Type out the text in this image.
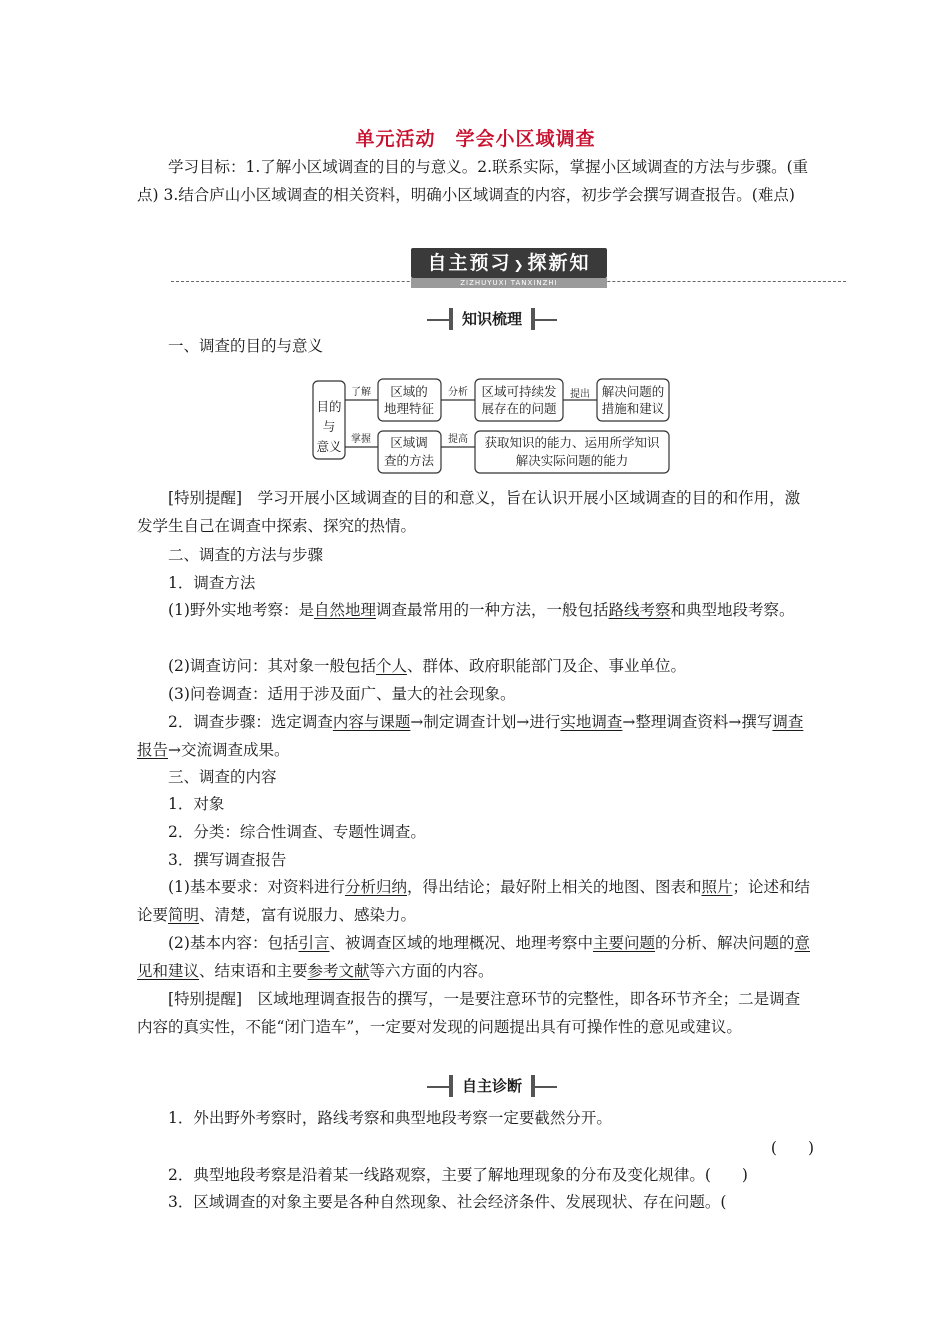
单元活动　学会小区域调查

学习目标：1.了解小区域调查的目的与意义。2.联系实际，掌握小区域调查的方法与步骤。(重点) 3.结合庐山小区域调查的相关资料，明确小区域调查的内容，初步学会撰写调查报告。(难点)

自主预习 ❯ 探新知
ZIZHUYUXI TANXINZHI
知识梳理

一、调查的目的与意义

目的
与
意义
了解
掌握
区域的
地理特征
分析 区域可持续发
展存在的问题
提出 解决问题的
措施和建议
区域调
查的方法
提高 获取知识的能力、运用所学知识
解决实际问题的能力

[特别提醒]　 学习开展小区域调查的目的和意义，旨在认识开展小区域调查的目的和作用，激发学生自己在调查中探索、探究的热情。

二、调查的方法与步骤

1．调查方法

(1)野外实地考察：是自然地理调查最常用的一种方法，一般包括路线考察和典型地段考察。

(2)调查访问：其对象一般包括个人、群体、政府职能部门及企、事业单位。

(3)问卷调查：适用于涉及面广、量大的社会现象。

2．调查步骤：选定调查内容与课题→制定调查计划→进行实地调查→整理调查资料→撰写调查报告→交流调查成果。

三、调查的内容

1．对象

2．分类：综合性调查、专题性调查。

3．撰写调查报告

(1)基本要求：对资料进行分析归纳，得出结论；最好附上相关的地图、图表和照片；论述和结论要简明、清楚，富有说服力、感染力。

(2)基本内容：包括引言、被调查区域的地理概况、地理考察中主要问题的分析、解决问题的意见和建议、结束语和主要参考文献等六方面的内容。

[特别提醒]　 区域地理调查报告的撰写，一是要注意环节的完整性，即各环节齐全；二是调查内容的真实性，不能“闭门造车”，一定要对发现的问题提出具有可操作性的意见或建议。

自主诊断

1．外出野外考察时，路线考察和典型地段考察一定要截然分开。

(　　)

2．典型地段考察是沿着某一线路观察，主要了解地理现象的分布及变化规律。(　　)

3．区域调查的对象主要是各种自然现象、社会经济条件、发展现状、存在问题。(
